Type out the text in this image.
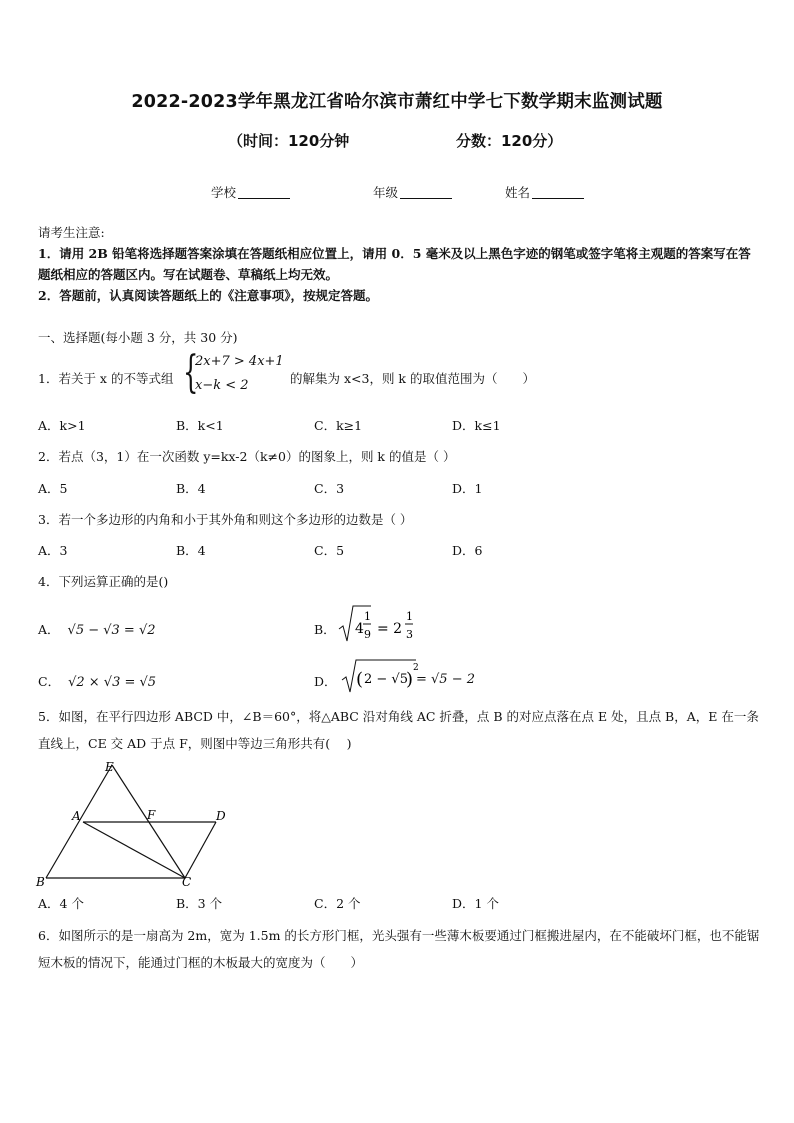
2022-2023学年黑龙江省哈尔滨市萧红中学七下数学期末监测试题
（时间：120分钟	分数：120分）
学校	年级	姓名
请考生注意:
1．请用 2B 铅笔将选择题答案涂填在答题纸相应位置上，请用 0．5 毫米及以上黑色字迹的钢笔或签字笔将主观题的答案写在答题纸相应的答题区内。写在试题卷、草稿纸上均无效。
2．答题前，认真阅读答题纸上的《注意事项》，按规定答题。
一、选择题(每小题 3 分，共 30 分)
1．若关于 x 的不等式组 {
2x+7 > 4x+1
x−k < 2	的解集为 x<3，则 k 的取值范围为（　　）
A．k>1	B．k<1	C．k≥1	D．k≤1
2．若点（3，1）在一次函数 y=kx-2（k≠0）的图象上，则 k 的值是（ ）
A．5	B．4	C．3	D．1
3．若一个多边形的内角和小于其外角和则这个多边形的边数是（ ）
A．3	B．4	C．5	D．6
4．下列运算正确的是()
A． √5 − √3 = √2	B． 4
1
9 = 2
1
3
C． √2 × √3 = √5	D． ( 2 − √5
)
2
= √5 − 2
5．如图，在平行四边形 ABCD 中，∠B＝60°，将△ABC 沿对角线 AC 折叠，点 B 的对应点落在点 E 处，且点 B，A，E 在一条直线上，CE 交 AD 于点 F，则图中等边三角形共有(　 )
E
A	F	D
B	C
A．4 个	B．3 个	C．2 个	D．1 个
6．如图所示的是一扇高为 2m，宽为 1.5m 的长方形门框，光头强有一些薄木板要通过门框搬进屋内，在不能破坏门框，也不能锯短木板的情况下，能通过门框的木板最大的宽度为（　　）
